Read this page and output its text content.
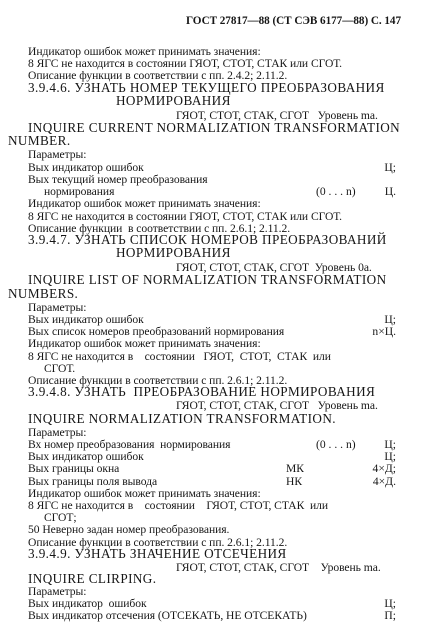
ГОСТ 27817—88 (СТ СЭВ 6177—88) С. 147
Индикатор ошибок может принимать значения:
8 ЯГС не находится в состоянии ГЯОТ, СТОТ, СТАК или СГОТ.
Описание функции в соответствии с пп. 2.4.2; 2.11.2.
3.9.4.6. УЗНАТЬ НОМЕР ТЕКУЩЕГО ПРЕОБРАЗОВАНИЯ
НОРМИРОВАНИЯ
ГЯОТ, СТОТ, СТАК, СГОТ   Уровень ma.
INQUIRE CURRENT NORMALIZATION TRANSFORMATION
NUMBER.
Параметры:
Вых индикатор ошибок	Ц;
Вых текущий номер преобразования
нормирования	(0 . . . n)	Ц.
Индикатор ошибок может принимать значения:
8 ЯГС не находится в состоянии ГЯОТ, СТОТ, СТАК или СГОТ.
Описание функции  в соответствии с пп. 2.6.1; 2.11.2.
3.9.4.7. УЗНАТЬ СПИСОК НОМЕРОВ ПРЕОБРАЗОВАНИЙ
НОРМИРОВАНИЯ
ГЯОТ, СТОТ, СТАК, СГОТ  Уровень 0а.
INQUIRE LIST OF NORMALIZATION TRANSFORMATION
NUMBERS.
Параметры:
Вых индикатор ошибок	Ц;
Вых список номеров преобразований нормирования	n×Ц.
Индикатор ошибок может принимать значения:
8 ЯГС не находится в    состоянии   ГЯОТ,  СТОТ,  СТАК  или
СГОТ.
Описание функции в соответствии с пп. 2.6.1; 2.11.2.
3.9.4.8. УЗНАТЬ  ПРЕОБРАЗОВАНИЕ НОРМИРОВАНИЯ
ГЯОТ, СТОТ, СТАК, СГОТ   Уровень ma.
INQUIRE NORMALIZATION TRANSFORMATION.
Параметры:
Вх номер преобразования  нормирования	(0 . . . n) Ц;
Вых индикатор ошибок	Ц;
Вых границы окна	МК	4×Д;
Вых границы поля вывода	НК	4×Д.
Индикатор ошибок может принимать значения:
8 ЯГС не находится в    состоянии    ГЯОТ, СТОТ, СТАК  или
СГОТ;
50 Неверно задан номер преобразования.
Описание функции в соответствии с пп. 2.6.1; 2.11.2.
3.9.4.9. УЗНАТЬ ЗНАЧЕНИЕ ОТСЕЧЕНИЯ
ГЯОТ, СТОТ, СТАК, СГОТ    Уровень ma.
INQUIRE CLIRPING.
Параметры:
Вых индикатор  ошибок	Ц;
Вых индикатор отсечения (ОТСЕКАТЬ, НЕ ОТСЕКАТЬ)	П;
